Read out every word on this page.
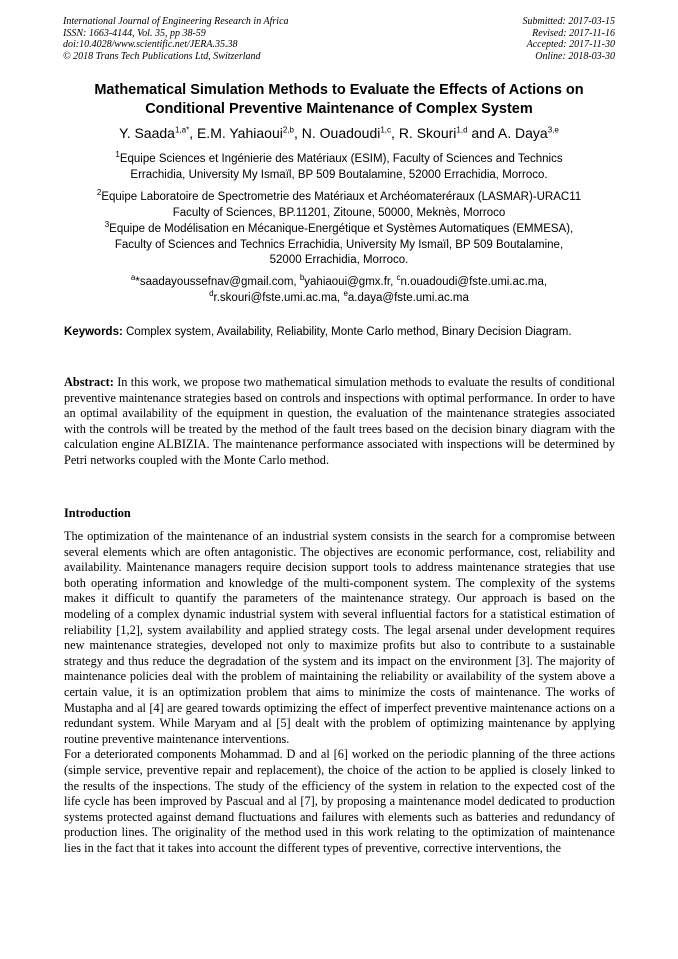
International Journal of Engineering Research in Africa
ISSN: 1663-4144, Vol. 35, pp 38-59
doi:10.4028/www.scientific.net/JERA.35.38
© 2018 Trans Tech Publications Ltd, Switzerland
Submitted: 2017-03-15
Revised: 2017-11-16
Accepted: 2017-11-30
Online: 2018-03-30
Mathematical Simulation Methods to Evaluate the Effects of Actions on
Conditional Preventive Maintenance of Complex System
Y. Saada$^{1,a*}$, E.M. Yahiaoui$^{2,b}$, N. Ouadoudi$^{1,c}$, R. Skouri$^{1,d}$ and A. Daya$^{3,e}$
$^1$Equipe Sciences et Ingénierie des Matériaux (ESIM), Faculty of Sciences and Technics
Errachidia, University My Ismaïl, BP 509 Boutalamine, 52000 Errachidia, Morroco.
$^2$Equipe Laboratoire de Spectrometrie des Matériaux et Archéomateréraux (LASMAR)-URAC11
Faculty of Sciences, BP.11201, Zitoune, 50000, Meknès, Morroco
$^3$Equipe de Modélisation en Mécanique-Energétique et Systèmes Automatiques (EMMESA),
Faculty of Sciences and Technics Errachidia, University My Ismaïl, BP 509 Boutalamine,
52000 Errachidia, Morroco.
$^a$*saadayoussefnav@gmail.com, $^b$yahiaoui@gmx.fr, $^c$n.ouadoudi@fste.umi.ac.ma,
$^d$r.skouri@fste.umi.ac.ma, $^e$a.daya@fste.umi.ac.ma
Keywords: Complex system, Availability, Reliability, Monte Carlo method, Binary Decision Diagram.
Abstract: In this work, we propose two mathematical simulation methods to evaluate the results of conditional preventive maintenance strategies based on controls and inspections with optimal performance. In order to have an optimal availability of the equipment in question, the evaluation of the maintenance strategies associated with the controls will be treated by the method of the fault trees based on the decision binary diagram with the calculation engine ALBIZIA. The maintenance performance associated with inspections will be determined by Petri networks coupled with the Monte Carlo method.
Introduction

The optimization of the maintenance of an industrial system consists in the search for a compromise between several elements which are often antagonistic. The objectives are economic performance, cost, reliability and availability. Maintenance managers require decision support tools to address maintenance strategies that use both operating information and knowledge of the multi-component system. The complexity of the systems makes it difficult to quantify the parameters of the maintenance strategy. Our approach is based on the modeling of a complex dynamic industrial system with several influential factors for a statistical estimation of reliability [1,2], system availability and applied strategy costs. The legal arsenal under development requires new maintenance strategies, developed not only to maximize profits but also to contribute to a sustainable strategy and thus reduce the degradation of the system and its impact on the environment [3]. The majority of maintenance policies deal with the problem of maintaining the reliability or availability of the system above a certain value, it is an optimization problem that aims to minimize the costs of maintenance. The works of Mustapha and al [4] are geared towards optimizing the effect of imperfect preventive maintenance actions on a redundant system. While Maryam and al [5] dealt with the problem of optimizing maintenance by applying routine preventive maintenance interventions.

For a deteriorated components Mohammad. D and al [6] worked on the periodic planning of the three actions (simple service, preventive repair and replacement), the choice of the action to be applied is closely linked to the results of the inspections. The study of the efficiency of the system in relation to the expected cost of the life cycle has been improved by Pascual and al [7], by proposing a maintenance model dedicated to production systems protected against demand fluctuations and failures with elements such as batteries and redundancy of production lines. The originality of the method used in this work relating to the optimization of maintenance lies in the fact that it takes into account the different types of preventive, corrective interventions, the
